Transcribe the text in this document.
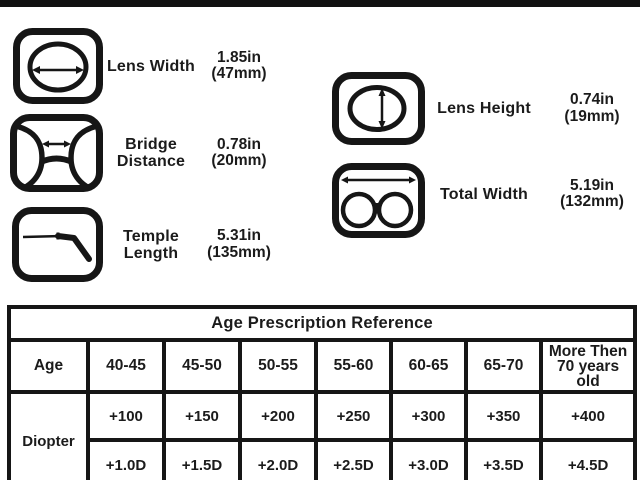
Lens Width
1.85in
(47mm)
Bridge
Distance
0.78in
(20mm)
Temple
Length
5.31in
(135mm)
Lens Height
0.74in
(19mm)
Total Width
5.19in
(132mm)
Age Prescription Reference							
Age	40-45	45-50	50-55	55-60	60-65	65-70	More Then 70 years old
Diopter	+100	+150	+200	+250	+300	+350	+400
	+1.0D	+1.5D	+2.0D	+2.5D	+3.0D	+3.5D	+4.5D
